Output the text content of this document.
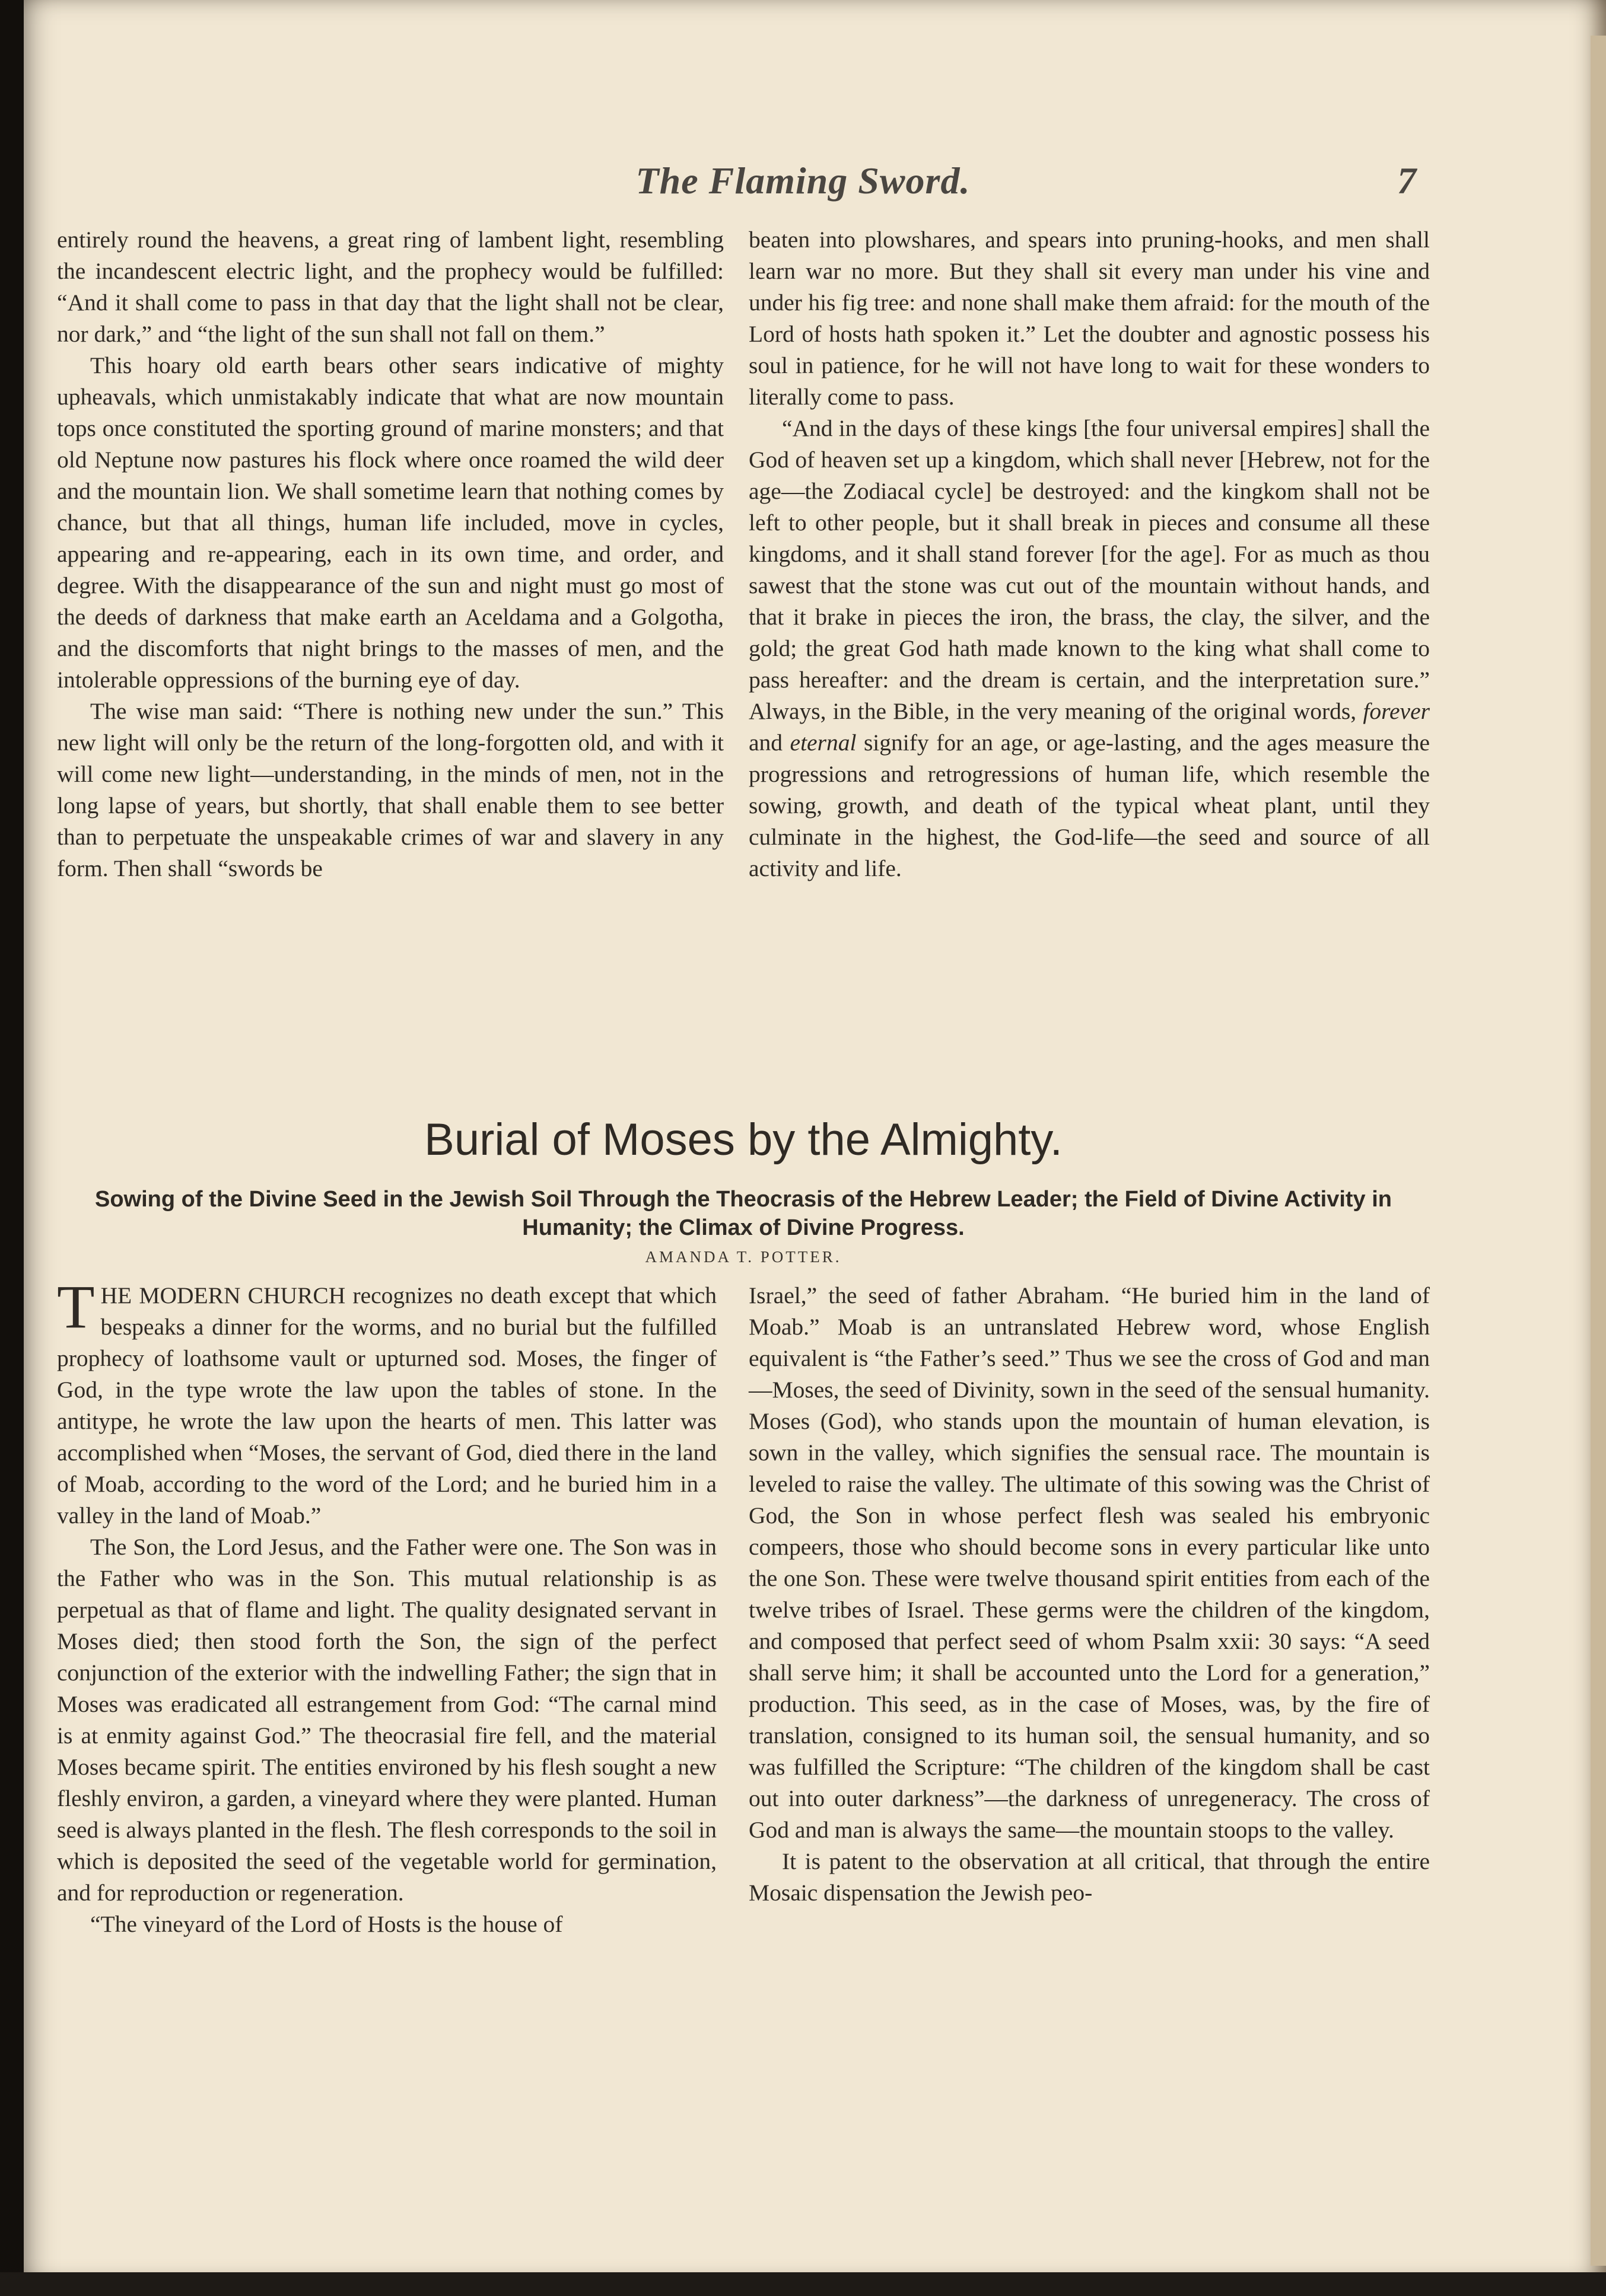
The Flaming Sword.	7

entirely round the heavens, a great ring of lambent light, resembling the incandescent electric light, and the prophecy would be fulfilled: “And it shall come to pass in that day that the light shall not be clear, nor dark,” and “the light of the sun shall not fall on them.”

This hoary old earth bears other sears indicative of mighty upheavals, which unmistakably indicate that what are now mountain tops once constituted the sporting ground of marine monsters; and that old Neptune now pastures his flock where once roamed the wild deer and the mountain lion. We shall sometime learn that nothing comes by chance, but that all things, human life included, move in cycles, appearing and re-appearing, each in its own time, and order, and degree. With the disappearance of the sun and night must go most of the deeds of darkness that make earth an Aceldama and a Golgotha, and the discomforts that night brings to the masses of men, and the intolerable oppressions of the burning eye of day.

The wise man said: “There is nothing new under the sun.” This new light will only be the return of the long-forgotten old, and with it will come new light—understanding, in the minds of men, not in the long lapse of years, but shortly, that shall enable them to see better than to perpetuate the unspeakable crimes of war and slavery in any form. Then shall “swords be

beaten into plowshares, and spears into pruning-hooks, and men shall learn war no more. But they shall sit every man under his vine and under his fig tree: and none shall make them afraid: for the mouth of the Lord of hosts hath spoken it.” Let the doubter and agnostic possess his soul in patience, for he will not have long to wait for these wonders to literally come to pass.

“And in the days of these kings [the four universal empires] shall the God of heaven set up a kingdom, which shall never [Hebrew, not for the age—the Zodiacal cycle] be destroyed: and the kingkom shall not be left to other people, but it shall break in pieces and consume all these kingdoms, and it shall stand forever [for the age]. For as much as thou sawest that the stone was cut out of the mountain without hands, and that it brake in pieces the iron, the brass, the clay, the silver, and the gold; the great God hath made known to the king what shall come to pass hereafter: and the dream is certain, and the interpretation sure.” Always, in the Bible, in the very meaning of the original words, forever and eternal signify for an age, or age-lasting, and the ages measure the progressions and retrogressions of human life, which resemble the sowing, growth, and death of the typical wheat plant, until they culminate in the highest, the God-life—the seed and source of all activity and life.

Burial of Moses by the Almighty.
Sowing of the Divine Seed in the Jewish Soil Through the Theocrasis of the Hebrew Leader; the Field of Divine Activity in Humanity; the Climax of Divine Progress.
AMANDA T. POTTER.

THE MODERN CHURCH recognizes no death except that which bespeaks a dinner for the worms, and no burial but the fulfilled prophecy of loathsome vault or upturned sod. Moses, the finger of God, in the type wrote the law upon the tables of stone. In the antitype, he wrote the law upon the hearts of men. This latter was accomplished when “Moses, the servant of God, died there in the land of Moab, according to the word of the Lord; and he buried him in a valley in the land of Moab.”

The Son, the Lord Jesus, and the Father were one. The Son was in the Father who was in the Son. This mutual relationship is as perpetual as that of flame and light. The quality designated servant in Moses died; then stood forth the Son, the sign of the perfect conjunction of the exterior with the indwelling Father; the sign that in Moses was eradicated all estrangement from God: “The carnal mind is at enmity against God.” The theocrasial fire fell, and the material Moses became spirit. The entities environed by his flesh sought a new fleshly environ, a garden, a vineyard where they were planted. Human seed is always planted in the flesh. The flesh corresponds to the soil in which is deposited the seed of the vegetable world for germination, and for reproduction or regeneration.

“The vineyard of the Lord of Hosts is the house of

Israel,” the seed of father Abraham. “He buried him in the land of Moab.” Moab is an untranslated Hebrew word, whose English equivalent is “the Father’s seed.” Thus we see the cross of God and man—Moses, the seed of Divinity, sown in the seed of the sensual humanity. Moses (God), who stands upon the mountain of human elevation, is sown in the valley, which signifies the sensual race. The mountain is leveled to raise the valley. The ultimate of this sowing was the Christ of God, the Son in whose perfect flesh was sealed his embryonic compeers, those who should become sons in every particular like unto the one Son. These were twelve thousand spirit entities from each of the twelve tribes of Israel. These germs were the children of the kingdom, and composed that perfect seed of whom Psalm xxii: 30 says: “A seed shall serve him; it shall be accounted unto the Lord for a generation,” production. This seed, as in the case of Moses, was, by the fire of translation, consigned to its human soil, the sensual humanity, and so was fulfilled the Scripture: “The children of the kingdom shall be cast out into outer darkness”—the darkness of unregeneracy. The cross of God and man is always the same—the mountain stoops to the valley.

It is patent to the observation at all critical, that through the entire Mosaic dispensation the Jewish peo-
